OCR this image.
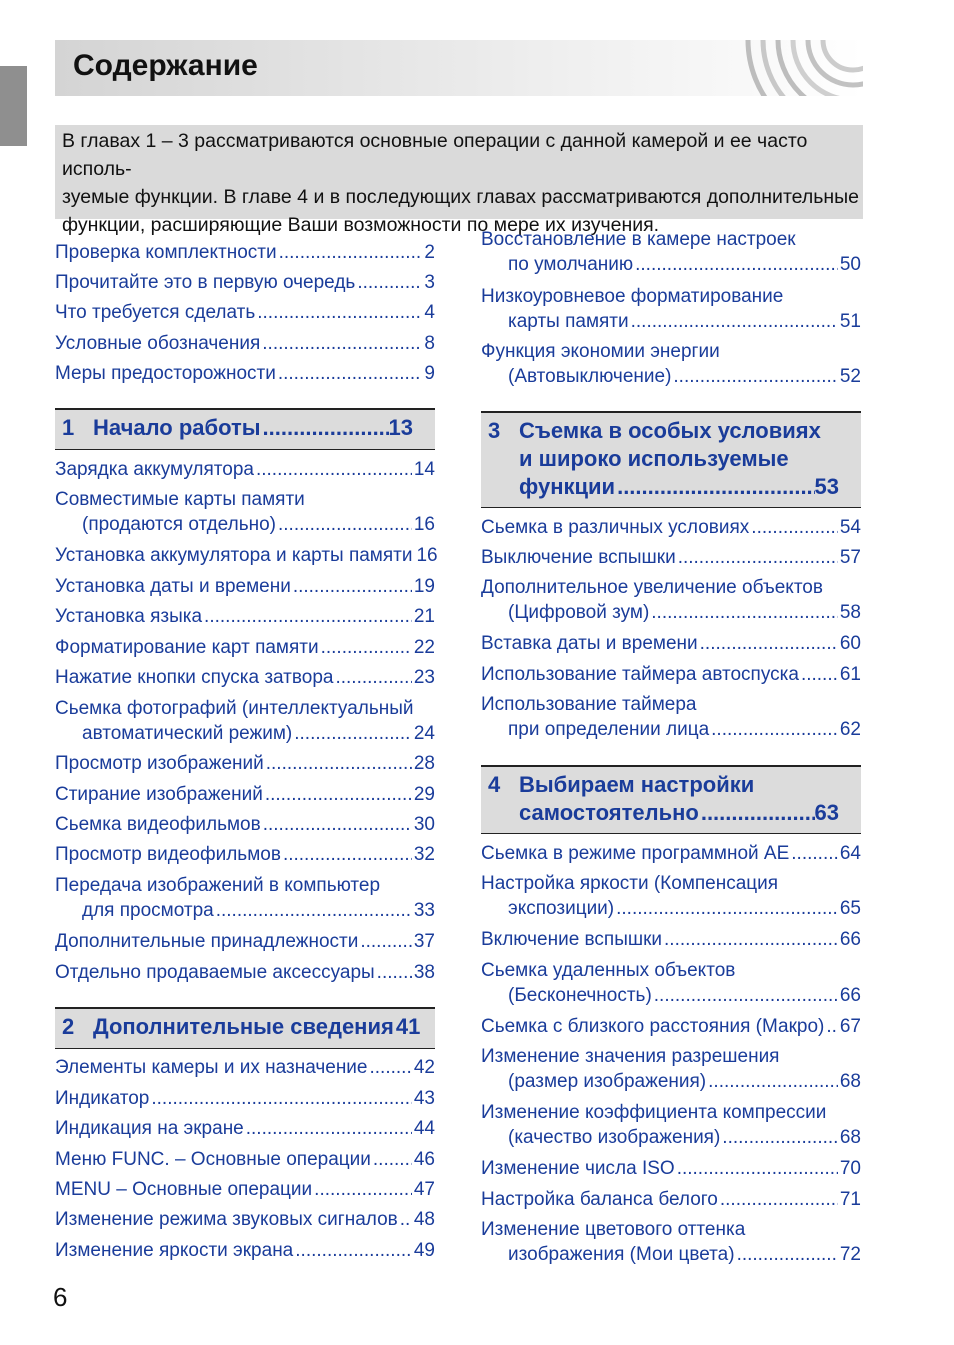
Содержание
В главах 1 – 3 рассматриваются основные операции с данной камерой и ее часто исполь-
зуемые функции. В главе 4 и в последующих главах рассматриваются дополнительные
функции, расширяющие Ваши возможности по мере их изучения.
Проверка комплектности .....	2
Прочитайте это в первую очередь .....	3
Что требуется сделать .....	4
Условные обозначения .....	8
Меры предосторожности .....	9
1 Начало работы .....	13
Зарядка аккумулятора .....	14
Совместимые карты памяти
(продаются отдельно) .....	16
Установка аккумулятора и карты памяти 16
Установка даты и времени .....	19
Установка языка .....	21
Форматирование карт памяти .....	22
Нажатие кнопки спуска затвора .....	23
Сьемка фотографий (интеллектуальный
автоматический режим) .....	24
Просмотр изображений .....	28
Стирание изображений .....	29
Сьемка видеофильмов .....	30
Просмотр видеофильмов .....	32
Передача изображений в компьютер
для просмотра .....	33
Дополнительные принадлежности .....	37
Отдельно продаваемые аксессуары ..... 38
2 Дополнительные сведения 41
Элементы камеры и их назначение ..... 42
Индикатор .....	43
Индикация на экране .....	44
Меню FUNC. – Основные операции ..... 46
MENU – Основные операции .....	47
Изменение режима звуковых сигналов ..... 48
Изменение яркости экрана .....	49
Восстановление в камере настроек
по умолчанию .....	50
Низкоуровневое форматирование
карты памяти .....	51
Функция экономии энергии
(Автовыключение) .....	52
3 Съемка в особых условиях
и широко используемые
функции .....	53
Сьемка в различных условиях .....	54
Выключение вспышки .....	57
Дополнительное увеличение объектов
(Цифровой зум) .....	58
Вставка даты и времени .....	60
Использование таймера автоспуска ..... 61
Использование таймера
при определении лица .....	62
4 Выбираем настройки
самостоятельно .....	63
Сьемка в режиме программной AE .....	64
Настройка яркости (Компенсация
экспозиции) .....	65
Включение вспышки .....	66
Сьемка удаленных объектов
(Бесконечность) .....	66
Сьемка с близкого расстояния (Макро) ..... 67
Изменение значения разрешения
(размер изображения) .....	68
Изменение коэффициента компрессии
(качество изображения) .....	68
Изменение числа ISO .....	70
Настройка баланса белого .....	71
Изменение цветового оттенка
изображения (Мои цвета) .....	72
6
